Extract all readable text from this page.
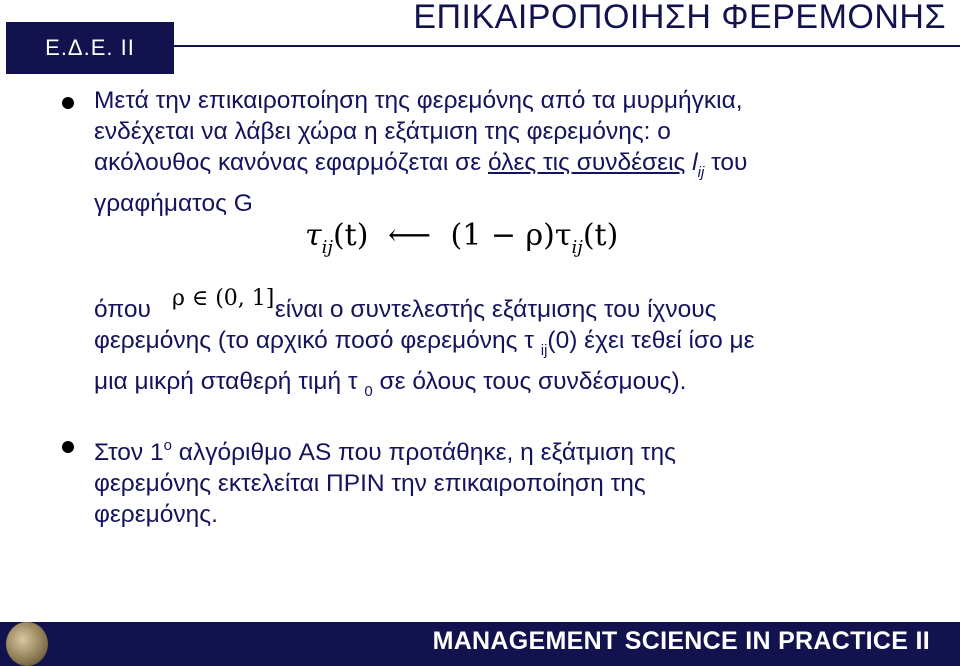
Ε.Δ.Ε. ΙΙ
ΕΠΙΚΑΙΡΟΠΟΙΗΣΗ ΦΕΡΕΜΟΝΗΣ
Μετά την επικαιροποίηση της φερεμόνης από τα μυρμήγκια,
ενδέχεται να λάβει χώρα η εξάτμιση της φερεμόνης: ο
ακόλουθος κανόνας εφαρμόζεται σε όλες τις συνδέσεις $l_{ij}$ του
γραφήματος G
$\tau_{ij}(t)$ ⟵ $(1 - \rho)\tau_{ij}(t)$
όπου	είναι ο συντελεστής εξάτμισης του ίχνους
φερεμόνης (το αρχικό ποσό φερεμόνης τ $_{ij}$(0) έχει τεθεί ίσο με
μια μικρή σταθερή τιμή τ $_0$ σε όλους τους συνδέσμους).
ρ ∈ (0, 1]
Στον $1^o$ αλγόριθμο AS που προτάθηκε, η εξάτμιση της
φερεμόνης εκτελείται ΠΡΙΝ την επικαιροποίηση της
φερεμόνης.
MANAGEMENT SCIENCE IN PRACTICE II
